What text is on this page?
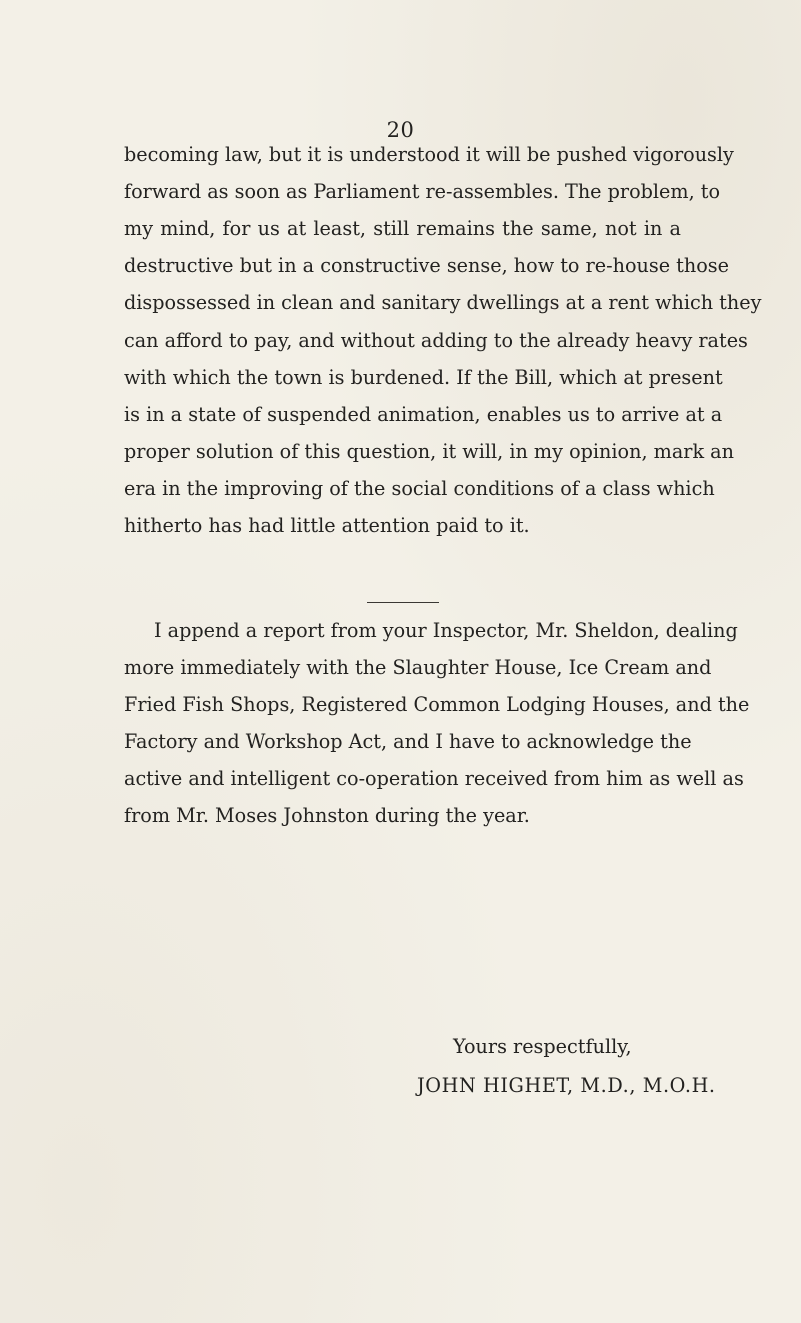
20
becoming law, but it is understood it will be pushed vigorously
forward as soon as Parliament re-assembles. The problem, to
my mind, for us at least, still remains the same, not in a
destructive but in a constructive sense, how to re-house those
dispossessed in clean and sanitary dwellings at a rent which they
can afford to pay, and without adding to the already heavy rates
with which the town is burdened. If the Bill, which at present
is in a state of suspended animation, enables us to arrive at a
proper solution of this question, it will, in my opinion, mark an
era in the improving of the social conditions of a class which
hitherto has had little attention paid to it.
I append a report from your Inspector, Mr. Sheldon, dealing
more immediately with the Slaughter House, Ice Cream and
Fried Fish Shops, Registered Common Lodging Houses, and the
Factory and Workshop Act, and I have to acknowledge the
active and intelligent co-operation received from him as well as
from Mr. Moses Johnston during the year.
Yours respectfully,
JOHN HIGHET, M.D., M.O.H.
